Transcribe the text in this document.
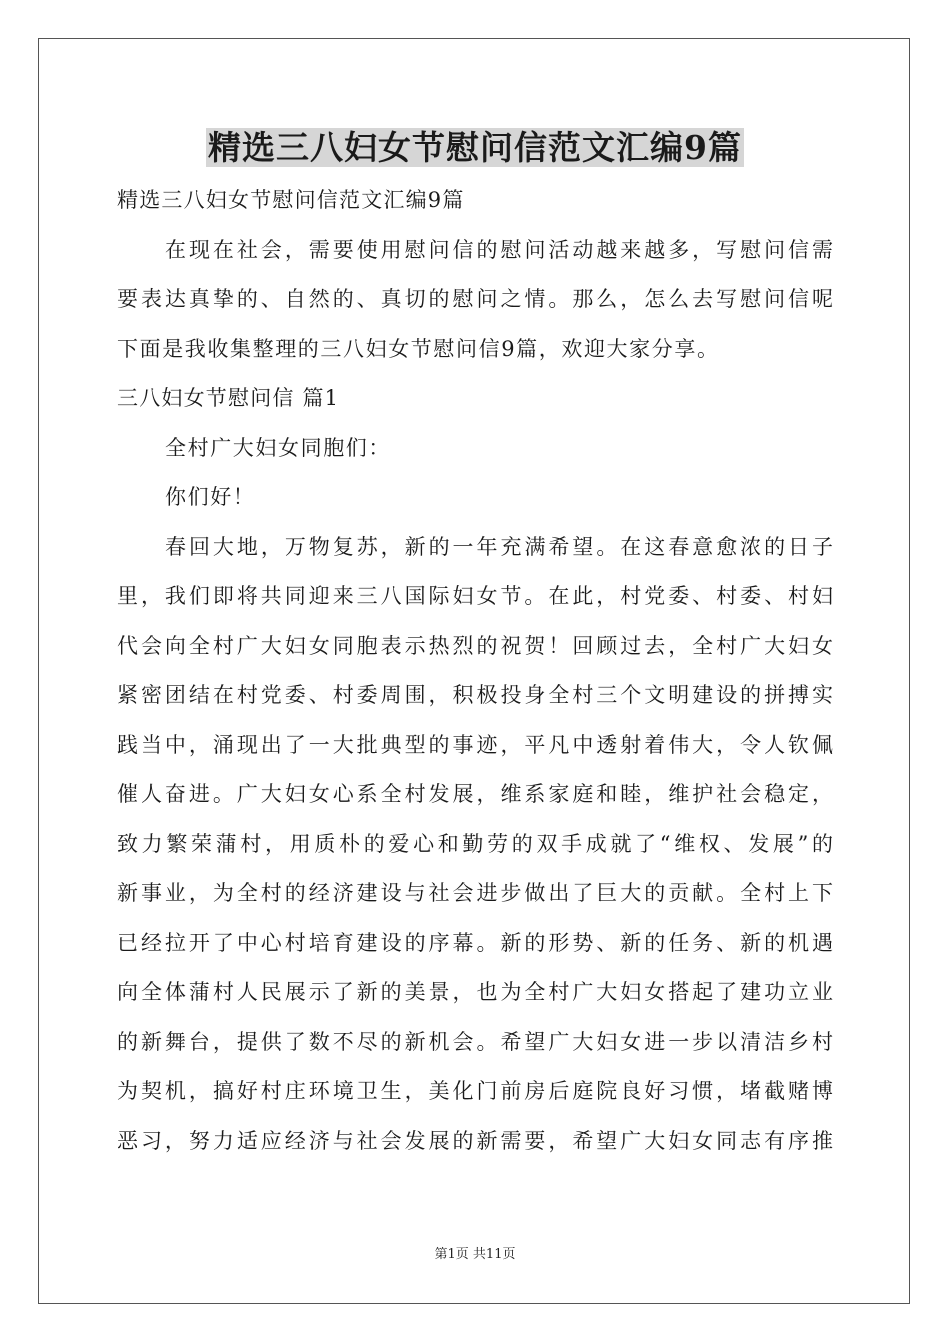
精选三八妇女节慰问信范文汇编9篇
精选三八妇女节慰问信范文汇编9篇
在现在社会，需要使用慰问信的慰问活动越来越多，写慰问信需
要表达真挚的、自然的、真切的慰问之情。那么，怎么去写慰问信呢
下面是我收集整理的三八妇女节慰问信9篇，欢迎大家分享。
三八妇女节慰问信 篇1
全村广大妇女同胞们：
你们好！
春回大地，万物复苏，新的一年充满希望。在这春意愈浓的日子
里，我们即将共同迎来三八国际妇女节。在此，村党委、村委、村妇
代会向全村广大妇女同胞表示热烈的祝贺！回顾过去，全村广大妇女
紧密团结在村党委、村委周围，积极投身全村三个文明建设的拼搏实
践当中，涌现出了一大批典型的事迹，平凡中透射着伟大，令人钦佩
催人奋进。广大妇女心系全村发展，维系家庭和睦，维护社会稳定，
致力繁荣蒲村，用质朴的爱心和勤劳的双手成就了“维权、发展”的
新事业，为全村的经济建设与社会进步做出了巨大的贡献。全村上下
已经拉开了中心村培育建设的序幕。新的形势、新的任务、新的机遇
向全体蒲村人民展示了新的美景，也为全村广大妇女搭起了建功立业
的新舞台，提供了数不尽的新机会。希望广大妇女进一步以清洁乡村
为契机，搞好村庄环境卫生，美化门前房后庭院良好习惯，堵截赌博
恶习，努力适应经济与社会发展的新需要，希望广大妇女同志有序推
第1页 共11页
